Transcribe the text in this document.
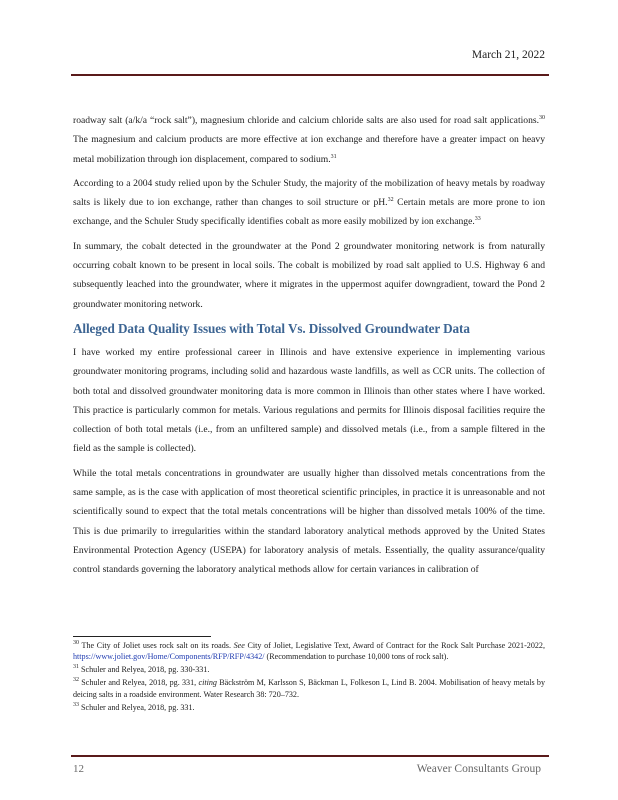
March 21, 2022

roadway salt (a/k/a “rock salt”), magnesium chloride and calcium chloride salts are also used for road salt applications.$^{30}$ The magnesium and calcium products are more effective at ion exchange and therefore have a greater impact on heavy metal mobilization through ion displacement, compared to sodium.$^{31}$

According to a 2004 study relied upon by the Schuler Study, the majority of the mobilization of heavy metals by roadway salts is likely due to ion exchange, rather than changes to soil structure or pH.$^{32}$ Certain metals are more prone to ion exchange, and the Schuler Study specifically identifies cobalt as more easily mobilized by ion exchange.$^{33}$

In summary, the cobalt detected in the groundwater at the Pond 2 groundwater monitoring network is from naturally occurring cobalt known to be present in local soils. The cobalt is mobilized by road salt applied to U.S. Highway 6 and subsequently leached into the groundwater, where it migrates in the uppermost aquifer downgradient, toward the Pond 2 groundwater monitoring network.

Alleged Data Quality Issues with Total Vs. Dissolved Groundwater Data

I have worked my entire professional career in Illinois and have extensive experience in implementing various groundwater monitoring programs, including solid and hazardous waste landfills, as well as CCR units. The collection of both total and dissolved groundwater monitoring data is more common in Illinois than other states where I have worked. This practice is particularly common for metals. Various regulations and permits for Illinois disposal facilities require the collection of both total metals (i.e., from an unfiltered sample) and dissolved metals (i.e., from a sample filtered in the field as the sample is collected).

While the total metals concentrations in groundwater are usually higher than dissolved metals concentrations from the same sample, as is the case with application of most theoretical scientific principles, in practice it is unreasonable and not scientifically sound to expect that the total metals concentrations will be higher than dissolved metals 100% of the time. This is due primarily to irregularities within the standard laboratory analytical methods approved by the United States Environmental Protection Agency (USEPA) for laboratory analysis of metals. Essentially, the quality assurance/quality control standards governing the laboratory analytical methods allow for certain variances in calibration of

$^{30}$ The City of Joliet uses rock salt on its roads. See City of Joliet, Legislative Text, Award of Contract for the Rock Salt Purchase 2021-2022, https://www.joliet.gov/Home/Components/RFP/RFP/4342/ (Recommendation to purchase 10,000 tons of rock salt).
$^{31}$ Schuler and Relyea, 2018, pg. 330-331.
$^{32}$ Schuler and Relyea, 2018, pg. 331, citing Bäckström M, Karlsson S, Bäckman L, Folkeson L, Lind B. 2004. Mobilisation of heavy metals by deicing salts in a roadside environment. Water Research 38: 720–732.
$^{33}$ Schuler and Relyea, 2018, pg. 331.
12	Weaver Consultants Group
